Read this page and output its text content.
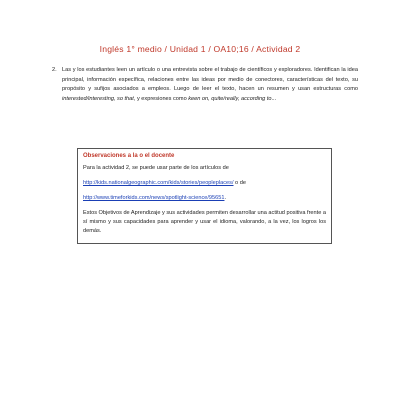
Inglés 1° medio / Unidad 1 / OA10;16 / Actividad 2
2. Las y los estudiantes leen un artículo o una entrevista sobre el trabajo de científicos y exploradores. Identifican la idea principal, información específica, relaciones entre las ideas por medio de conectores, características del texto, su propósito y sufijos asociados a empleos. Luego de leer el texto, hacen un resumen y usan estructuras como interested/interesting, so that, y expresiones como keen on, quite/really, according to...
Observaciones a la o el docente

Para la actividad 2, se puede usar parte de los artículos de

http://kids.nationalgeographic.com/kids/stories/peopleplaces/ o de

http://www.timeforkids.com/news/spotlight-science/95651.

Estos Objetivos de Aprendizaje y sus actividades permiten desarrollar una actitud positiva frente a sí mismo y sus capacidades para aprender y usar el idioma, valorando, a la vez, los logros los demás.
